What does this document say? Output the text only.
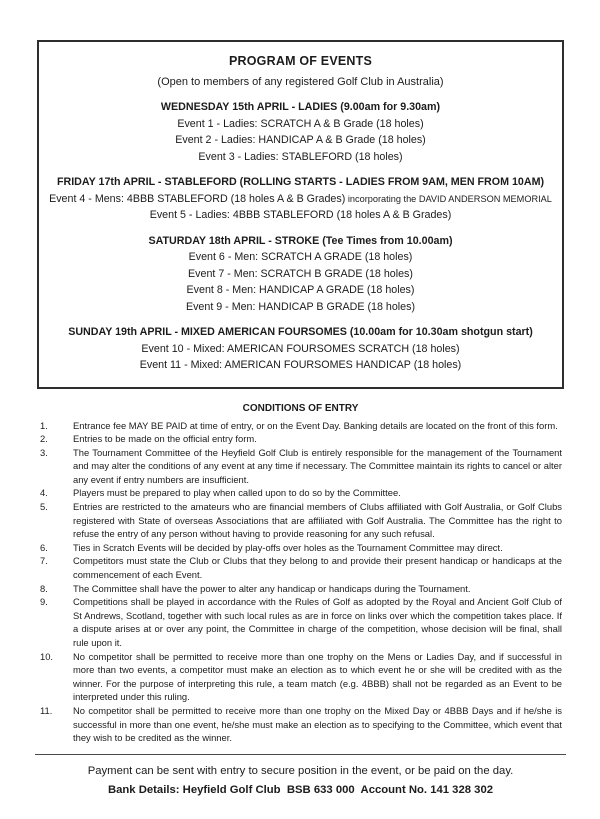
PROGRAM OF EVENTS
(Open to members of any registered Golf Club in Australia)
WEDNESDAY 15th APRIL - LADIES (9.00am for 9.30am)
Event 1 - Ladies: SCRATCH A & B Grade (18 holes)
Event 2 - Ladies: HANDICAP A & B Grade (18 holes)
Event 3 - Ladies: STABLEFORD (18 holes)
FRIDAY 17th APRIL - STABLEFORD (ROLLING STARTS - LADIES FROM 9AM, MEN FROM 10AM)
Event 4 - Mens: 4BBB STABLEFORD (18 holes A & B Grades) incorporating the DAVID ANDERSON MEMORIAL
Event 5 - Ladies: 4BBB STABLEFORD (18 holes A & B Grades)
SATURDAY 18th APRIL - STROKE (Tee Times from 10.00am)
Event 6 - Men: SCRATCH A GRADE (18 holes)
Event 7 - Men: SCRATCH B GRADE (18 holes)
Event 8 - Men: HANDICAP A GRADE (18 holes)
Event 9 - Men: HANDICAP B GRADE (18 holes)
SUNDAY 19th APRIL - MIXED AMERICAN FOURSOMES (10.00am for 10.30am shotgun start)
Event 10 - Mixed: AMERICAN FOURSOMES SCRATCH (18 holes)
Event 11 - Mixed: AMERICAN FOURSOMES HANDICAP (18 holes)
CONDITIONS OF ENTRY
1.	Entrance fee MAY BE PAID at time of entry, or on the Event Day. Banking details are located on the front of this form.
2.	Entries to be made on the official entry form.
3.	The Tournament Committee of the Heyfield Golf Club is entirely responsible for the management of the Tournament and may alter the conditions of any event at any time if necessary. The Committee maintain its rights to cancel or alter any event if entry numbers are insufficient.
4.	Players must be prepared to play when called upon to do so by the Committee.
5.	Entries are restricted to the amateurs who are financial members of Clubs affiliated with Golf Australia, or Golf Clubs registered with State of overseas Associations that are affiliated with Golf Australia. The Committee has the right to refuse the entry of any person without having to provide reasoning for any such refusal.
6.	Ties in Scratch Events will be decided by play-offs over holes as the Tournament Committee may direct.
7.	Competitors must state the Club or Clubs that they belong to and provide their present handicap or handicaps at the commencement of each Event.
8.	The Committee shall have the power to alter any handicap or handicaps during the Tournament.
9.	Competitions shall be played in accordance with the Rules of Golf as adopted by the Royal and Ancient Golf Club of St Andrews, Scotland, together with such local rules as are in force on links over which the competition takes place. If a dispute arises at or over any point, the Committee in charge of the competition, whose decision will be final, shall rule upon it.
10.	No competitor shall be permitted to receive more than one trophy on the Mens or Ladies Day, and if successful in more than two events, a competitor must make an election as to which event he or she will be credited with as the winner. For the purpose of interpreting this rule, a team match (e.g. 4BBB) shall not be regarded as an Event to be interpreted under this ruling.
11.	No competitor shall be permitted to receive more than one trophy on the Mixed Day or 4BBB Days and if he/she is successful in more than one event, he/she must make an election as to specifying to the Committee, which event that they wish to be credited as the winner.
Payment can be sent with entry to secure position in the event, or be paid on the day.
Bank Details: Heyfield Golf Club  BSB 633 000  Account No. 141 328 302
